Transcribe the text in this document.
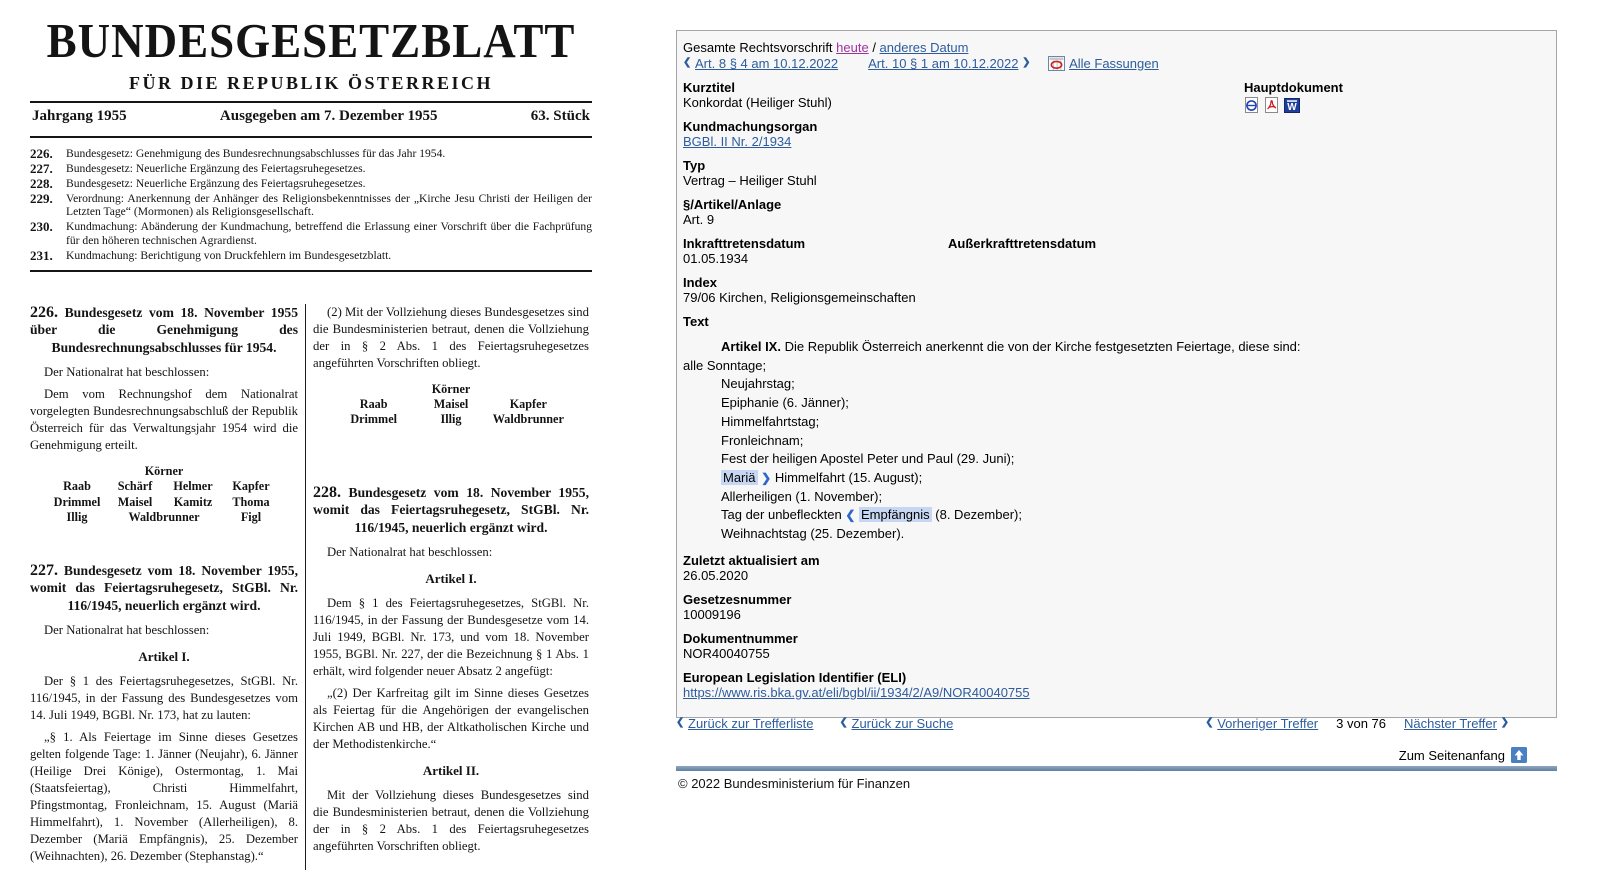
BUNDESGESETZBLATT
FÜR DIE REPUBLIK ÖSTERREICH
Jahrgang 1955	Ausgegeben am 7. Dezember 1955	63. Stück
226.	Bundesgesetz: Genehmigung des Bundesrechnungsabschlusses für das Jahr 1954.
227.	Bundesgesetz: Neuerliche Ergänzung des Feiertagsruhegesetzes.
228.	Bundesgesetz: Neuerliche Ergänzung des Feiertagsruhegesetzes.
229.	Verordnung: Anerkennung der Anhänger des Religionsbekenntnisses der „Kirche Jesu Christi der Heiligen der Letzten Tage“ (Mormonen) als Religionsgesellschaft.
230.	Kundmachung: Abänderung der Kundmachung, betreffend die Erlassung einer Vorschrift über die Fachprüfung für den höheren technischen Agrardienst.
231.	Kundmachung: Berichtigung von Druckfehlern im Bundesgesetzblatt.
226. Bundesgesetz vom 18. November 1955 über die Genehmigung des Bundesrechnungsabschlusses für 1954.

Der Nationalrat hat beschlossen:

Dem vom Rechnungshof dem Nationalrat vorgelegten Bundesrechnungsabschluß der Republik Österreich für das Verwaltungsjahr 1954 wird die Genehmigung erteilt.

Körner
Raab	Schärf	Helmer	Kapfer
Drimmel	Maisel	Kamitz	Thoma
Illig	Waldbrunner	Figl
227. Bundesgesetz vom 18. November 1955, womit das Feiertagsruhegesetz, StGBl. Nr. 116/1945, neuerlich ergänzt wird.

Der Nationalrat hat beschlossen:

Artikel I.

Der § 1 des Feiertagsruhegesetzes, StGBl. Nr. 116/1945, in der Fassung des Bundesgesetzes vom 14. Juli 1949, BGBl. Nr. 173, hat zu lauten:

„§ 1. Als Feiertage im Sinne dieses Gesetzes gelten folgende Tage: 1. Jänner (Neujahr), 6. Jänner (Heilige Drei Könige), Ostermontag, 1. Mai (Staatsfeiertag), Christi Himmelfahrt, Pfingstmontag, Fronleichnam, 15. August (Mariä Himmelfahrt), 1. November (Allerheiligen), 8. Dezember (Mariä Empfängnis), 25. Dezember (Weihnachten), 26. Dezember (Stephanstag).“

(2) Mit der Vollziehung dieses Bundesgesetzes sind die Bundesministerien betraut, denen die Vollziehung der in § 2 Abs. 1 des Feiertagsruhegesetzes angeführten Vorschriften obliegt.

Körner
Raab	Maisel	Kapfer
Drimmel	Illig	Waldbrunner
228. Bundesgesetz vom 18. November 1955, womit das Feiertagsruhegesetz, StGBl. Nr. 116/1945, neuerlich ergänzt wird.

Der Nationalrat hat beschlossen:

Artikel I.

Dem § 1 des Feiertagsruhegesetzes, StGBl. Nr. 116/1945, in der Fassung der Bundesgesetze vom 14. Juli 1949, BGBl. Nr. 173, und vom 18. November 1955, BGBl. Nr. 227, der die Bezeichnung § 1 Abs. 1 erhält, wird folgender neuer Absatz 2 angefügt:

„(2) Der Karfreitag gilt im Sinne dieses Gesetzes als Feiertag für die Angehörigen der evangelischen Kirchen AB und HB, der Altkatholischen Kirche und der Methodistenkirche.“

Artikel II.

Mit der Vollziehung dieses Bundesgesetzes sind die Bundesministerien betraut, denen die Vollziehung der in § 2 Abs. 1 des Feiertagsruhegesetzes angeführten Vorschriften obliegt.

Gesamte Rechtsvorschrift heute / anderes Datum
❮
Art. 8 § 4 am 10.12.2022 Art. 10 § 1 am 10.12.2022
❯
	Alle Fassungen
Hauptdokument
W
Kurztitel
Konkordat (Heiliger Stuhl)
Kundmachungsorgan
BGBl. II Nr. 2/1934
Typ
Vertrag – Heiliger Stuhl
§/Artikel/Anlage
Art. 9
Inkrafttretensdatum
01.05.1934
Außerkrafttretensdatum
Index
79/06 Kirchen, Religionsgemeinschaften
Text
Artikel IX. Die Republik Österreich anerkennt die von der Kirche festgesetzten Feiertage, diese sind:
alle Sonntage;
Neujahrstag;
Epiphanie (6. Jänner);
Himmelfahrtstag;
Fronleichnam;
Fest der heiligen Apostel Peter und Paul (29. Juni);
Mariä ❯ Himmelfahrt (15. August);
Allerheiligen (1. November);
Tag der unbefleckten ❮ Empfängnis (8. Dezember);
Weihnachtstag (25. Dezember).
Zuletzt aktualisiert am
26.05.2020
Gesetzesnummer
10009196
Dokumentnummer
NOR40040755
European Legislation Identifier (ELI)
https://www.ris.bka.gv.at/eli/bgbl/ii/1934/2/A9/NOR40040755
❮
Zurück zur Trefferliste	❮
Zurück zur Suche	❮
Vorheriger Treffer 3 von 76 Nächster Treffer
❯
Zum Seitenanfang
© 2022 Bundesministerium für Finanzen
